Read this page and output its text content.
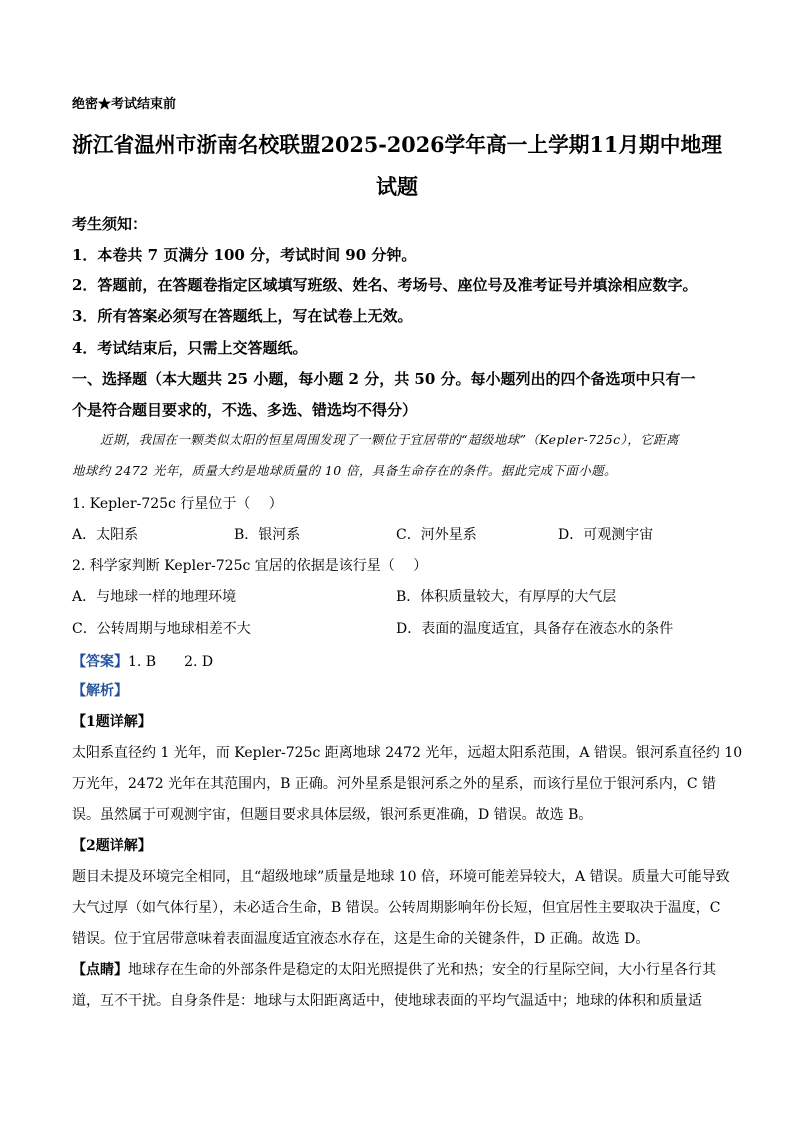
绝密★考试结束前
浙江省温州市浙南名校联盟2025-2026学年高一上学期11月期中地理
试题
考生须知：
1．本卷共 7 页满分 100 分，考试时间 90 分钟。
2．答题前，在答题卷指定区域填写班级、姓名、考场号、座位号及准考证号并填涂相应数字。
3．所有答案必须写在答题纸上，写在试卷上无效。
4．考试结束后，只需上交答题纸。
一、选择题（本大题共 25 小题，每小题 2 分，共 50 分。每小题列出的四个备选项中只有一
个是符合题目要求的，不选、多选、错选均不得分）
近期，我国在一颗类似太阳的恒星周围发现了一颗位于宜居带的“超级地球”（Kepler-725c），它距离
地球约 2472 光年，质量大约是地球质量的 10 倍，具备生命存在的条件。据此完成下面小题。
1. Kepler-725c 行星位于（　 ）
A．太阳系	B．银河系	C．河外星系	D．可观测宇宙
2. 科学家判断 Kepler-725c 宜居的依据是该行星（　 ）
A．与地球一样的地理环境	B．体积质量较大，有厚厚的大气层
C．公转周期与地球相差不大	D．表面的温度适宜，具备存在液态水的条件
【答案】1. B　　2. D
【解析】
【1题详解】
太阳系直径约 1 光年，而 Kepler-725c 距离地球 2472 光年，远超太阳系范围，A 错误。银河系直径约 10
万光年，2472 光年在其范围内，B 正确。河外星系是银河系之外的星系，而该行星位于银河系内，C 错
误。虽然属于可观测宇宙，但题目要求具体层级，银河系更准确，D 错误。故选 B。
【2题详解】
题目未提及环境完全相同，且“超级地球”质量是地球 10 倍，环境可能差异较大，A 错误。质量大可能导致
大气过厚（如气体行星），未必适合生命，B 错误。公转周期影响年份长短，但宜居性主要取决于温度，C
错误。位于宜居带意味着表面温度适宜液态水存在，这是生命的关键条件，D 正确。故选 D。
【点睛】地球存在生命的外部条件是稳定的太阳光照提供了光和热；安全的行星际空间，大小行星各行其
道，互不干扰。自身条件是：地球与太阳距离适中，使地球表面的平均气温适中；地球的体积和质量适
